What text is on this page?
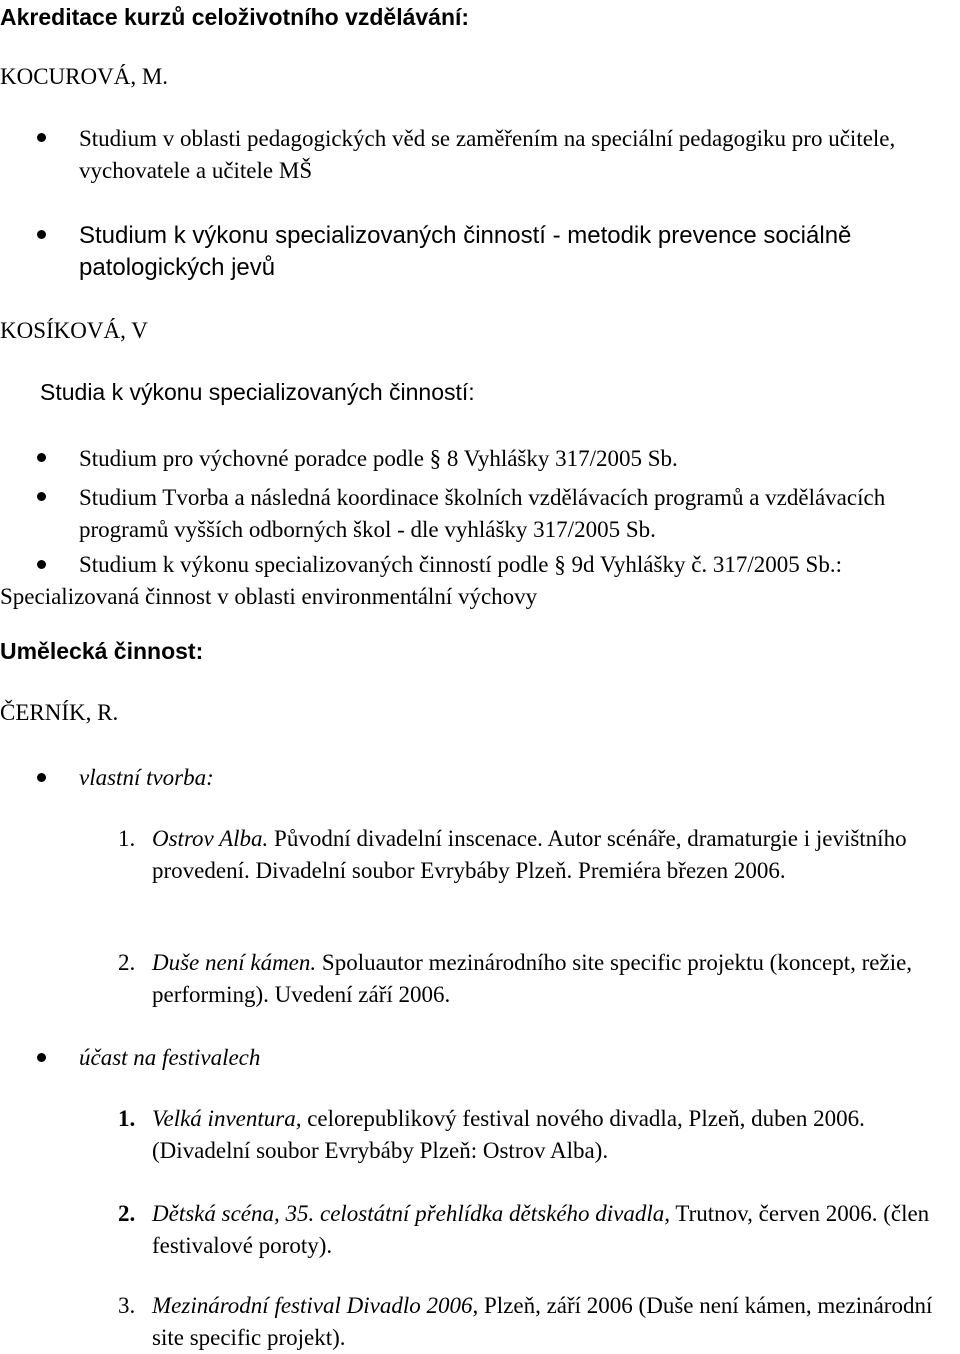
Akreditace kurzů celoživotního vzdělávání:
KOCUROVÁ, M.
Studium v oblasti pedagogických věd se zaměřením na speciální pedagogiku pro učitele, vychovatele a učitele MŠ
Studium k výkonu specializovaných činností - metodik prevence sociálně patologických jevů
KOSÍKOVÁ, V
Studia k výkonu specializovaných činností:
Studium pro výchovné poradce podle § 8 Vyhlášky 317/2005 Sb.
Studium Tvorba a následná koordinace školních vzdělávacích programů a vzdělávacích programů vyšších odborných škol - dle vyhlášky 317/2005 Sb.
Studium k výkonu specializovaných činností podle § 9d Vyhlášky č. 317/2005 Sb.: Specializovaná činnost v oblasti environmentální výchovy
Umělecká činnost:
ČERNÍK, R.
vlastní tvorba:
1. Ostrov Alba. Původní divadelní inscenace. Autor scénáře, dramaturgie i jevištního provedení. Divadelní soubor Evrybáby Plzeň. Premiéra březen 2006.
2. Duše není kámen. Spoluautor mezinárodního site specific projektu (koncept, režie, performing). Uvedení září 2006.
účast na festivalech
1. Velká inventura, celorepublikový festival nového divadla, Plzeň, duben 2006. (Divadelní soubor Evrybáby Plzeň: Ostrov Alba).
2. Dětská scéna, 35. celostátní přehlídka dětského divadla, Trutnov, červen 2006. (člen festivalové poroty).
3. Mezinárodní festival Divadlo 2006, Plzeň, září 2006 (Duše není kámen, mezinárodní site specific projekt).
